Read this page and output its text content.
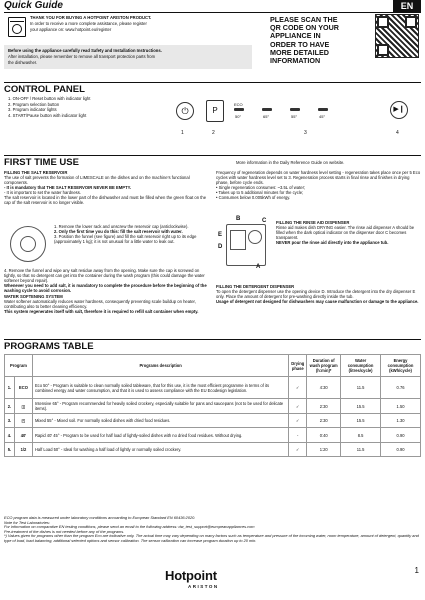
Quick Guide	EN
THANK YOU FOR BUYING A HOTPOINT ARISTON PRODUCT.
In order to receive a more complete assistance, please register
your appliance on: www.hotpoint.eu/register
Before using the appliance carefully read Safety and Installation Instructions.
After installation, please remember to remove all transport protection parts from
the dishwasher.
PLEASE SCAN THE
QR CODE ON YOUR
APPLIANCE IN
ORDER TO HAVE
MORE DETAILED
INFORMATION
CONTROL PANEL
1. ON-OFF / Reset button with indicator light
2. Program selection button
3. Program indicator lights
4. START/Pause button with indicator light	⏻	P
ECO
50°	65°	55°	45°
▶❙
1	2	3	4
FIRST TIME USE	More information in the Daily Reference Guide on website.
FILLING THE SALT RESERVOIR
The use of salt prevents the formation of LIMESCALE on the dishes and on the machine's functional components.
- It is mandatory that THE SALT RESERVOIR NEVER BE EMPTY.
- It is important to set the water hardness.
The salt reservoir is located in the lower part of the dishwasher and must be filled when the green float on the cap of the salt reservoir is no longer visible.
1. Remove the lower rack and unscrew the reservoir cap (anticlockwise).
2. Only the first time you do this: fill the salt reservoir with water.
3. Position the funnel (see figure) and fill the salt reservoir right up to its edge (approximately 1 kg); it is not unusual for a little water to leak out.
4. Remove the funnel and wipe any salt residue away from the opening. Make sure the cap is screwed on tightly, so that no detergent can get into the container during the wash program (this could damage the water softener beyond repair).
Whenever you need to add salt, it is mandatory to complete the procedure before the beginning of the washing cycle to avoid corrosion.
WATER SOFTENING SYSTEM
Water softener automatically reduces water hardness, consequently preventing scale buildup on heater, contributing also to better cleaning efficiency.
This system regenerates itself with salt, therefore it is required to refill salt container when empty.
Frequency of regeneration depends on water hardness level setting - regeneration takes place once per 5 Eco cycles with water hardness level set to 3. Regeneration process starts in final rinse and finishes in drying phase, before cycle ends.
• Single regeneration consumes: ~3.5L of water;
• Takes up to 5 additional minutes for the cycle;
• Consumes below 0.005kWh of energy.
B	C
E
D
A
FILLING THE RINSE AID DISPENSER
Rinse aid makes dish DRYING easier. The rinse aid dispenser A should be filled when the dark optical indicator on the dispenser door C becomes transparent.
NEVER pour the rinse aid directly into the appliance tub.
FILLING THE DETERGENT DISPENSER
To open the detergent dispenser use the opening device D. Introduce the detergent into the dry dispenser E only. Place the amount of detergent for pre-washing directly inside the tub.
Usage of detergent not designed for dishwashers may cause malfunction or damage to the appliance.
PROGRAMS TABLE
Program		Programs description	Drying phase	Duration of wash program (h:min)*	Water consumption (litres/cycle)	Energy consumption (kWh/cycle)
1.	ECO	Eco 50° - Program is suitable to clean normally soiled tableware, that for this use, it is the most efficient programme in terms of its combined energy and water consumption, and that it is used to assess compliance with the EU Ecodesign legislation.	✓	4:30	11.5	0.76
2.	◫	Intensive 65° - Program recommended for heavily soiled crockery, especially suitable for pans and saucepans (not to be used for delicate items).	✓	2:30	15.5	1.50
3.	◰	Mixed 55° - Mixed soil. For normally soiled dishes with dried food residues.	✓	2:30	15.5	1.30
4.	40'	Rapid 40' 45° - Program to be used for half load of lightly-soiled dishes with no dried food residues. Without drying.	-	0:40	8.5	0.90
5.	1/2	Half Load 50° - Ideal for washing a half load of lightly or normally soiled crockery.	✓	1:20	11.5	0.90
ECO program data is measured under laboratory conditions accoarding to European Standard EN 60436:2020.
Note for Test Laboratories:
For information on comparative EN testing conditions, please send an email to the following address: dw_test_support@europeanappliances.com
Pre-treatment of the dishes is not needed before any of the programs.
*) Values given for programs other than the program Eco are indicative only. The actual time may vary depending on many factors such as temperature and pressure of the incoming water, room temperature, amount of detergent, quantity and type of load, load balancing, additional selected options and sensor calibration. The sensor calibration can increase program duration up to 20 min.
Hotpoint
ARISTON
1
